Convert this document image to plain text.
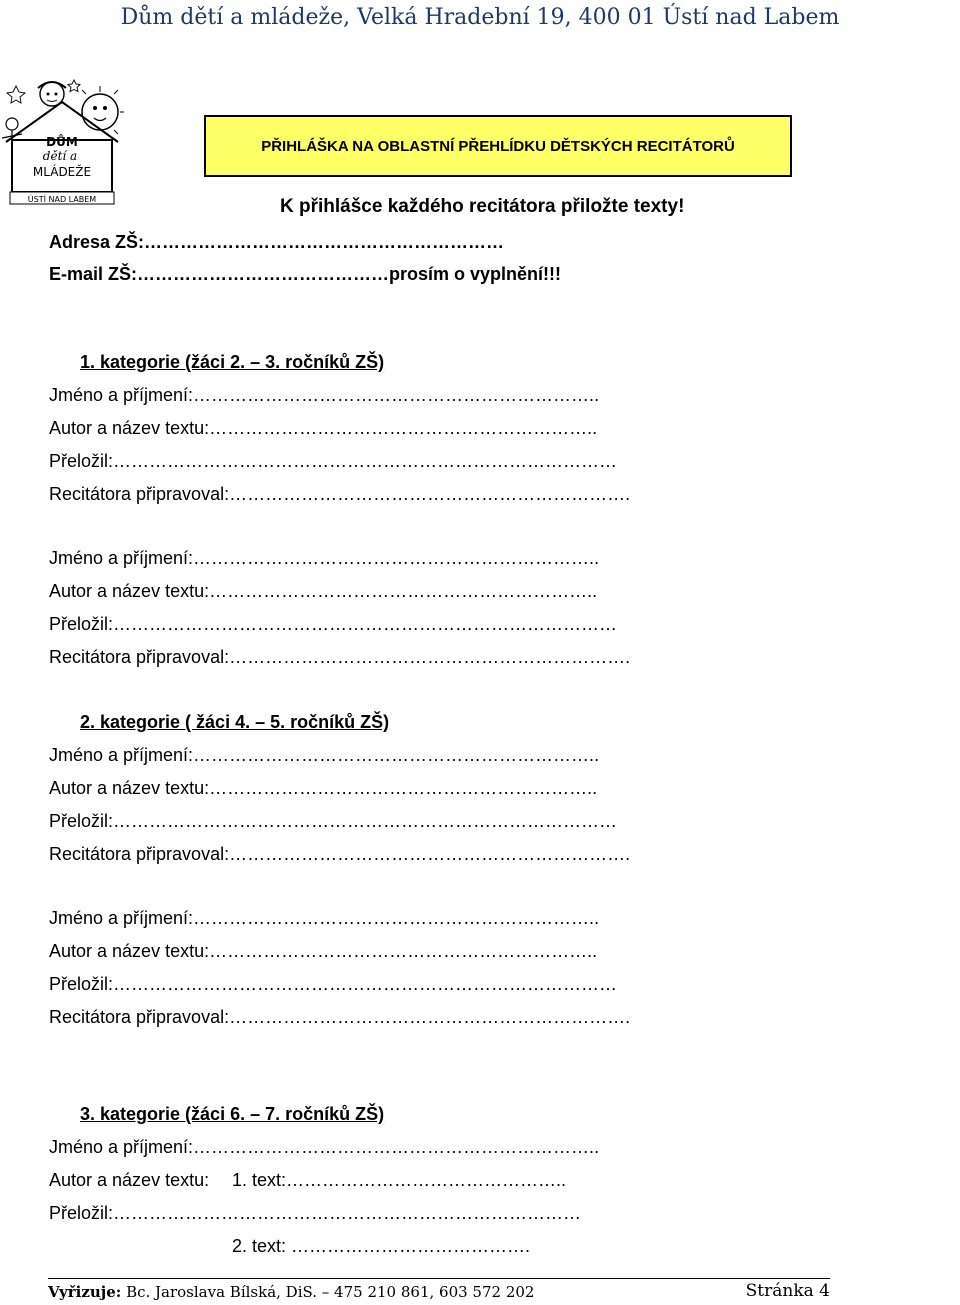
Dům dětí a mládeže, Velká Hradební 19, 400 01 Ústí nad Labem
DŮM
dětí a
MLÁDEŽE
ÚSTÍ NAD LABEM
PŘIHLÁŠKA NA OBLASTNÍ PŘEHLÍDKU DĚTSKÝCH RECITÁTORŮ
K přihlášce každého recitátora přiložte texty!
Adresa ZŠ:……………………………………………………
E-mail ZŠ:……………………………………prosím o vyplnění!!!
1. kategorie (žáci 2. – 3. ročníků ZŠ)
Jméno a příjmení:…………………………………………………………..
Autor a název textu:………………………………………………………..
Přeložil:…………………………………………………………………………
Recitátora připravoval:………………………………………………………….
Jméno a příjmení:…………………………………………………………..
Autor a název textu:………………………………………………………..
Přeložil:…………………………………………………………………………
Recitátora připravoval:………………………………………………………….
2. kategorie ( žáci 4. – 5. ročníků ZŠ)
Jméno a příjmení:…………………………………………………………..
Autor a název textu:………………………………………………………..
Přeložil:…………………………………………………………………………
Recitátora připravoval:………………………………………………………….
Jméno a příjmení:…………………………………………………………..
Autor a název textu:………………………………………………………..
Přeložil:…………………………………………………………………………
Recitátora připravoval:………………………………………………………….
3. kategorie (žáci 6. – 7. ročníků ZŠ)
Jméno a příjmení:…………………………………………………………..
Autor a název textu: 1. text:………………………………………..
Přeložil:……………………………………………………………………
2. text: ………………………………….
Vyřizuje: Bc. Jaroslava Bílská, DiS. – 475 210 861, 603 572 202	Stránka 4
